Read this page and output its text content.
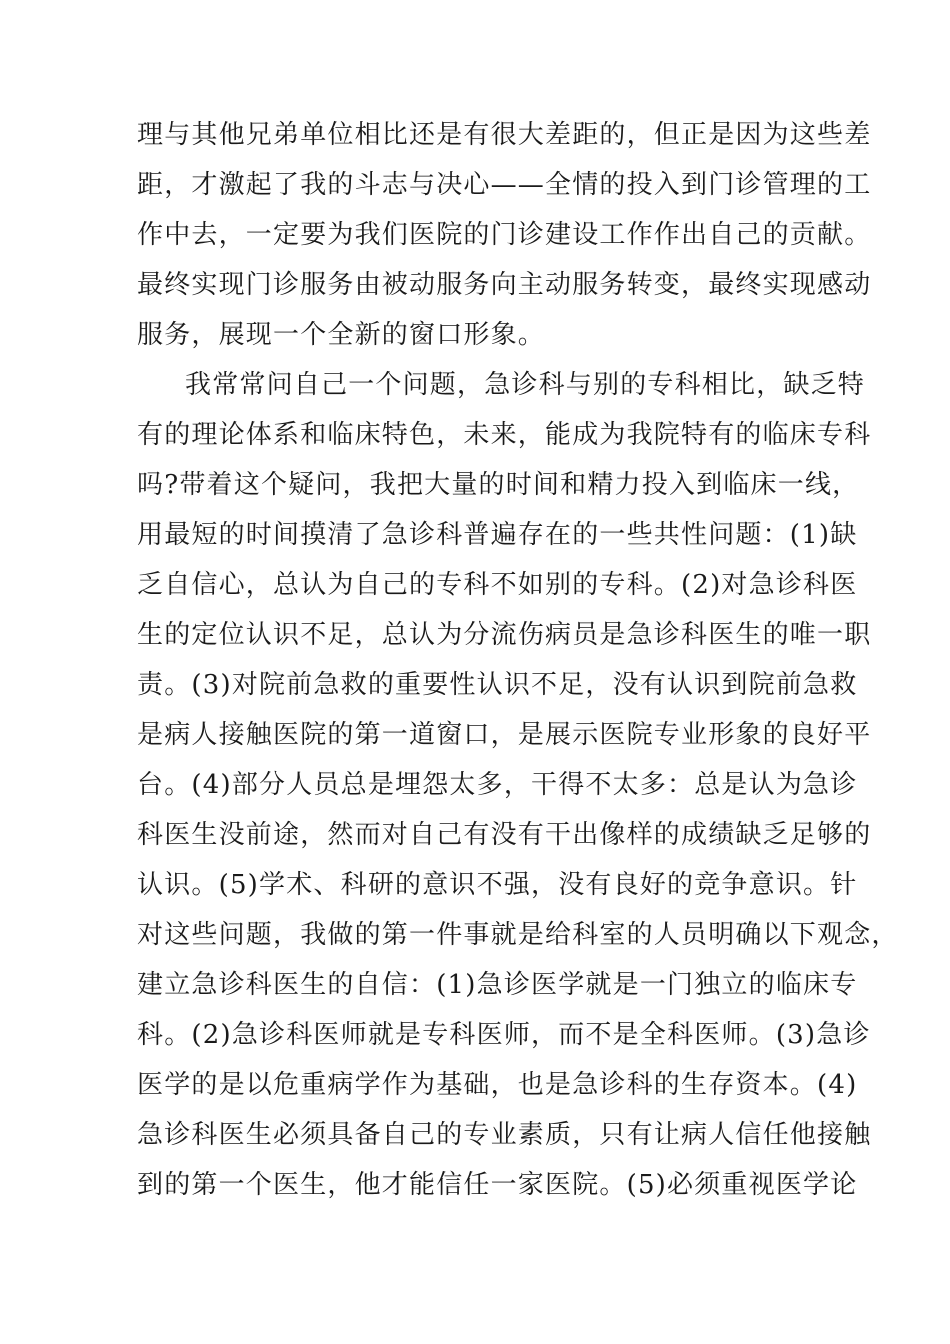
理与其他兄弟单位相比还是有很大差距的，但正是因为这些差
距，才激起了我的斗志与决心——全情的投入到门诊管理的工
作中去，一定要为我们医院的门诊建设工作作出自己的贡献。
最终实现门诊服务由被动服务向主动服务转变，最终实现感动
服务，展现一个全新的窗口形象。
我常常问自己一个问题，急诊科与别的专科相比，缺乏特
有的理论体系和临床特色，未来，能成为我院特有的临床专科
吗?带着这个疑问，我把大量的时间和精力投入到临床一线，
用最短的时间摸清了急诊科普遍存在的一些共性问题：(1)缺
乏自信心，总认为自己的专科不如别的专科。(2)对急诊科医
生的定位认识不足，总认为分流伤病员是急诊科医生的唯一职
责。(3)对院前急救的重要性认识不足，没有认识到院前急救
是病人接触医院的第一道窗口，是展示医院专业形象的良好平
台。(4)部分人员总是埋怨太多，干得不太多：总是认为急诊
科医生没前途，然而对自己有没有干出像样的成绩缺乏足够的
认识。(5)学术、科研的意识不强，没有良好的竞争意识。针
对这些问题，我做的第一件事就是给科室的人员明确以下观念，
建立急诊科医生的自信：(1)急诊医学就是一门独立的临床专
科。(2)急诊科医师就是专科医师，而不是全科医师。(3)急诊
医学的是以危重病学作为基础，也是急诊科的生存资本。(4)
急诊科医生必须具备自己的专业素质，只有让病人信任他接触
到的第一个医生，他才能信任一家医院。(5)必须重视医学论
